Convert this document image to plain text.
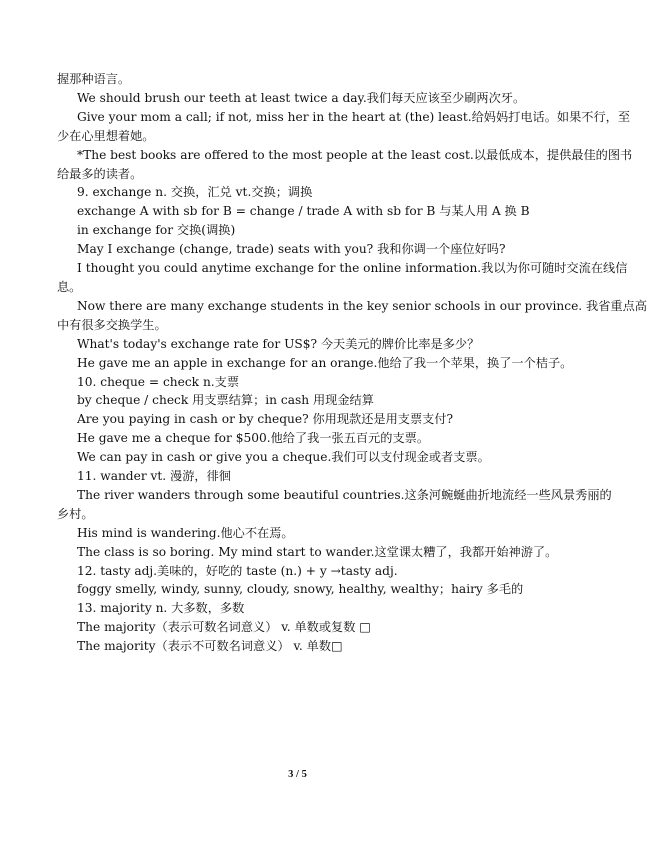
握那种语言。
We should brush our teeth at least twice a day.我们每天应该至少刷两次牙。
Give your mom a call; if not, miss her in the heart at (the) least.给妈妈打电话。如果不行，至
少在心里想着她。
*The best books are offered to the most people at the least cost.以最低成本，提供最佳的图书
给最多的读者。
9. exchange n. 交换，汇兑 vt.交换；调换
exchange A with sb for B = change / trade A with sb for B 与某人用 A 换 B
in exchange for 交换(调换)
May I exchange (change, trade) seats with you? 我和你调一个座位好吗?
I thought you could anytime exchange for the online information.我以为你可随时交流在线信
息。
Now there are many exchange students in the key senior schools in our province. 我省重点高
中有很多交换学生。
What's today's exchange rate for US$? 今天美元的牌价比率是多少？
He gave me an apple in exchange for an orange.他给了我一个苹果，换了一个桔子。
10. cheque = check n.支票
by cheque / check 用支票结算；in cash 用现金结算
Are you paying in cash or by cheque? 你用现款还是用支票支付?
He gave me a cheque for $500.他给了我一张五百元的支票。
We can pay in cash or give you a cheque.我们可以支付现金或者支票。
11. wander vt. 漫游，徘徊
The river wanders through some beautiful countries.这条河蜿蜒曲折地流经一些风景秀丽的
乡村。
His mind is wandering.他心不在焉。
The class is so boring. My mind start to wander.这堂课太糟了，我都开始神游了。
12. tasty adj.美味的，好吃的 taste (n.) + y →tasty adj.
foggy smelly, windy, sunny, cloudy, snowy, healthy, wealthy；hairy 多毛的
13. majority n. 大多数，多数
The majority（表示可数名词意义） v. 单数或复数 □
The majority（表示不可数名词意义） v. 单数□
3 / 5
